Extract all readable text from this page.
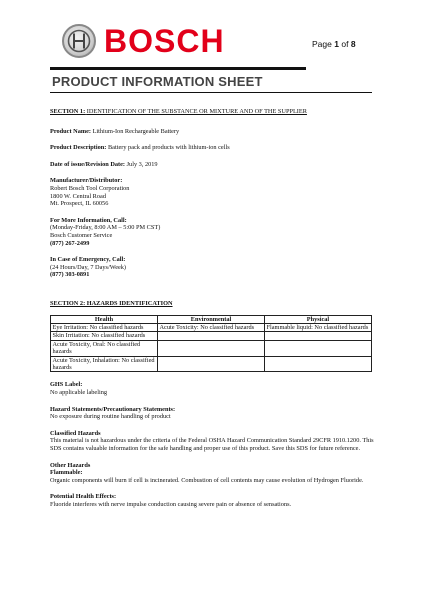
BOSCH	Page 1 of 8
PRODUCT INFORMATION SHEET

SECTION 1: IDENTIFICATION OF THE SUBSTANCE OR MIXTURE AND OF THE SUPPLIER

Product Name: Lithium-Ion Rechargeable Battery

Product Description: Battery pack and products with lithium-ion cells

Date of issue/Revision Date: July 3, 2019

Manufacturer/Distributor:

Robert Bosch Tool Corporation

1800 W. Central Road

Mt. Prospect, IL 60056

For More Information, Call:

(Monday-Friday, 8:00 AM – 5:00 PM CST)

Bosch Customer Service

(877) 267-2499

In Case of Emergency, Call:

(24 Hours/Day, 7 Days/Week)

(877) 303-0891

SECTION 2: HAZARDS IDENTIFICATION

Health	Environmental	Physical
Eye Irritation: No classified hazards	Acute Toxicity: No classified hazards	Flammable liquid: No classified hazards
Skin Irritation: No classified hazards		
Acute Toxicity, Oral: No classified hazards		
Acute Toxicity, Inhalation: No classified hazards		

GHS Label:

No applicable labeling

Hazard Statements/Precautionary Statements:

No exposure during routine handling of product

Classified Hazards

This material is not hazardous under the criteria of the Federal OSHA Hazard Communication Standard 29CFR 1910.1200. This SDS contains valuable information for the safe handling and proper use of this product. Save this SDS for future reference.

Other Hazards

Flammable:

Organic components will burn if cell is incinerated. Combustion of cell contents may cause evolution of Hydrogen Fluoride.

Potential Health Effects:

Fluoride interferes with nerve impulse conduction causing severe pain or absence of sensations.
